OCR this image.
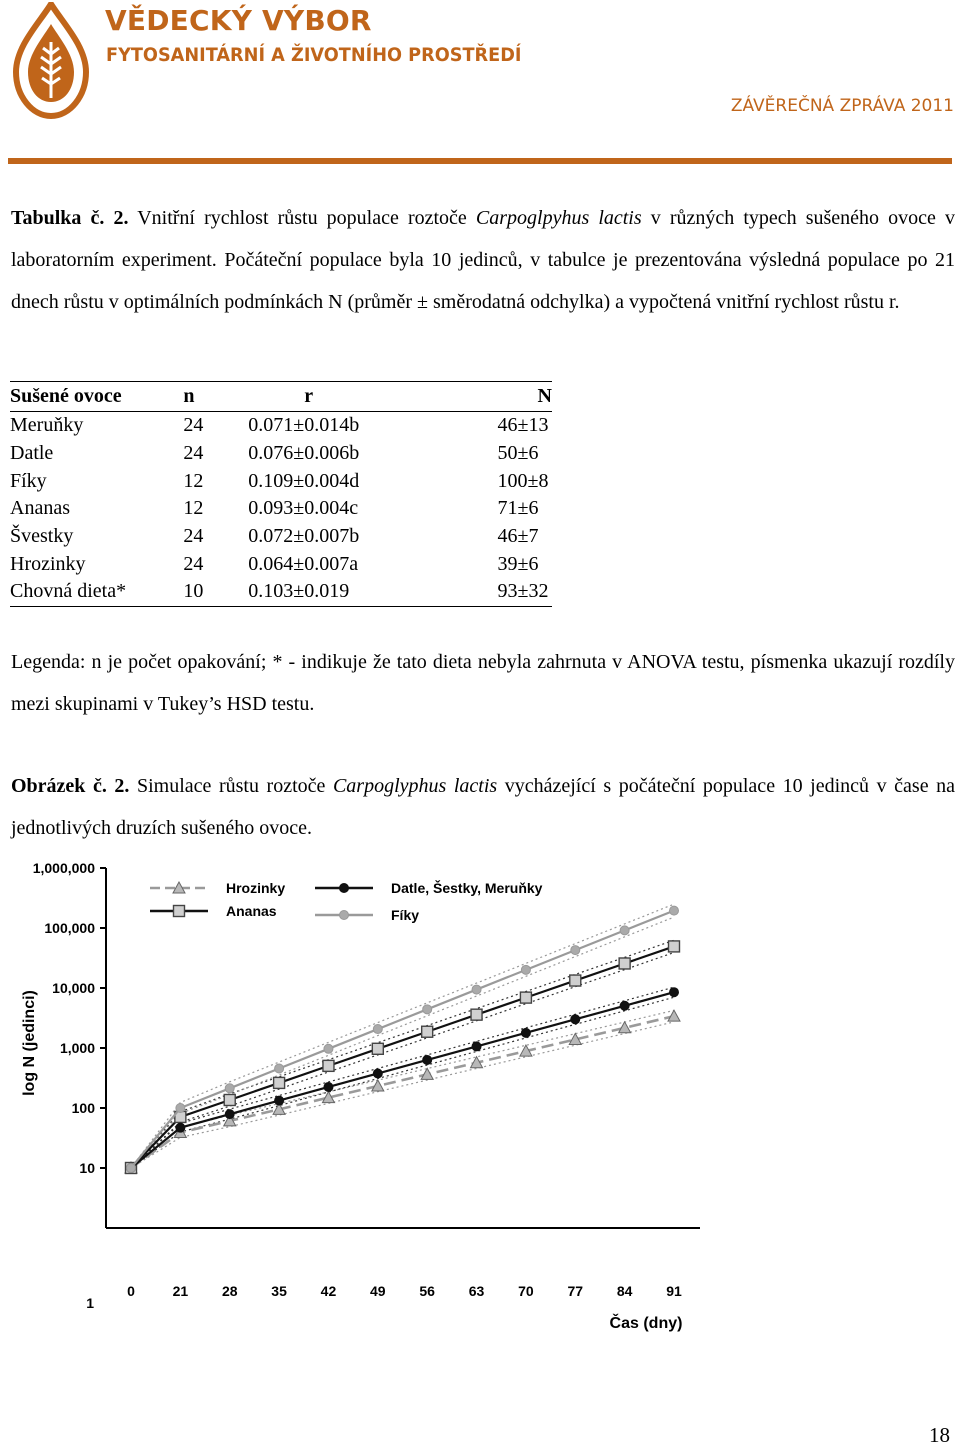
VĚDECKÝ VÝBOR
FYTOSANITÁRNÍ A ŽIVOTNÍHO PROSTŘEDÍ
ZÁVĚREČNÁ ZPRÁVA 2011

Tabulka č. 2. Vnitřní rychlost růstu populace roztoče Carpoglpyhus lactis v různých typech sušeného ovoce v laboratorním experiment. Počáteční populace byla 10 jedinců, v tabulce je prezentována výsledná populace po 21 dnech růstu v optimálních podmínkách N (průměr ± směrodatná odchylka) a vypočtená vnitřní rychlost růstu r.

Sušené ovoce	n	r	N
Meruňky	24	0.071±0.014b	46±13
Datle	24	0.076±0.006b	50±6
Fíky	12	0.109±0.004d	100±8
Ananas	12	0.093±0.004c	71±6
Švestky	24	0.072±0.007b	46±7
Hrozinky	24	0.064±0.007a	39±6
Chovná dieta*	10	0.103±0.019	93±32

Legenda: n je počet opakování; * - indikuje že tato dieta nebyla zahrnuta v ANOVA testu, písmenka ukazují rozdíly mezi skupinami v Tukey’s HSD testu.

Obrázek č. 2. Simulace růstu roztoče Carpoglyphus lactis vycházející s počáteční populace 10 jedinců v čase na jednotlivých druzích sušeného ovoce.

1
10
100
1,000
10,000
100,000
1,000,000
0	21 28 35 42 49 56 63 70 77 84 91
Hrozinky
Ananas
Datle, Šestky, Meruňky
Fíky
log N (jedinci)
Čas (dny)
18
